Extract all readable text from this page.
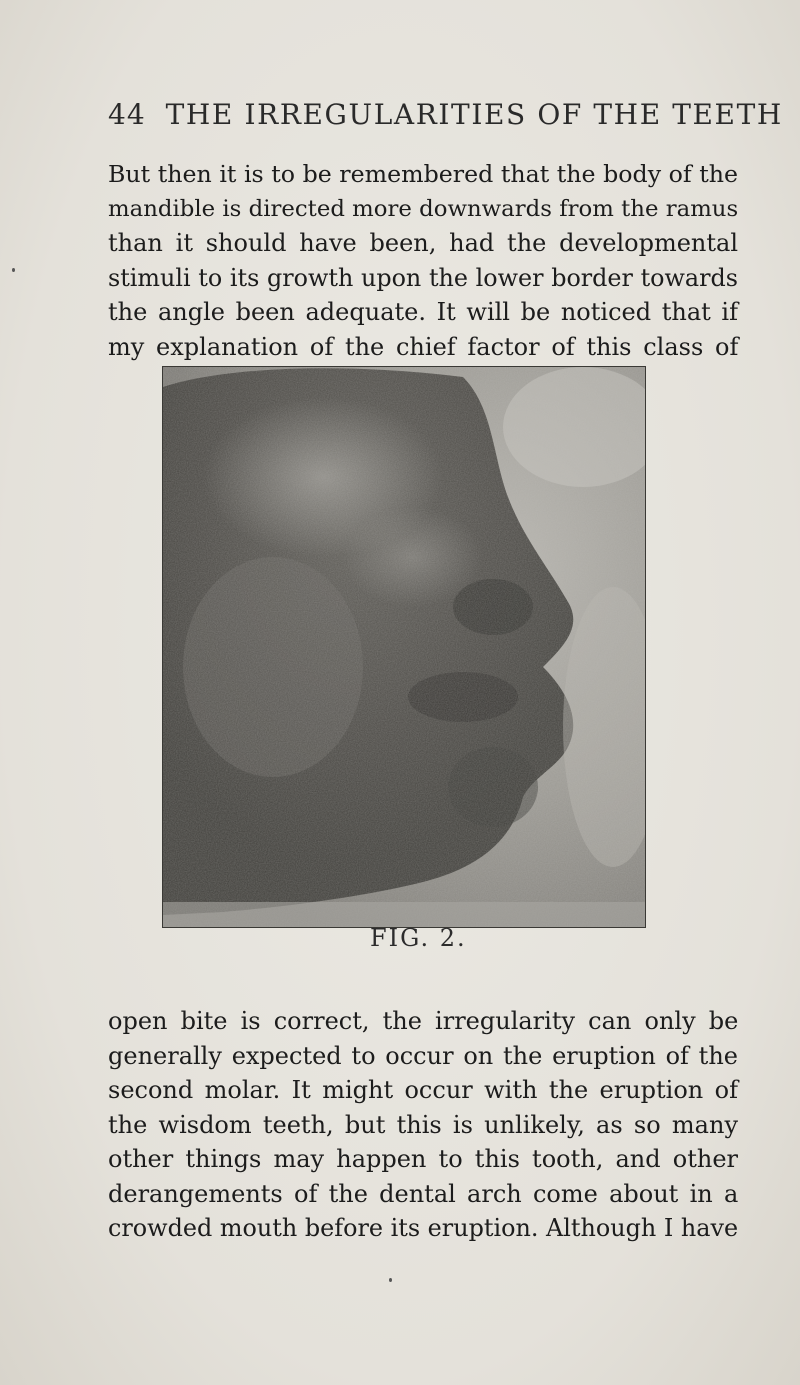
44 THE IRREGULARITIES OF THE TEETH
But then it is to be remembered that the body of the
mandible is directed more downwards from the ramus
than it should have been, had the developmental
stimuli to its growth upon the lower border towards
the angle been adequate. It will be noticed that if
my explanation of the chief factor of this class of
FIG. 2.
open bite is correct, the irregularity can only be
generally expected to occur on the eruption of the
second molar. It might occur with the eruption of
the wisdom teeth, but this is unlikely, as so many
other things may happen to this tooth, and other
derangements of the dental arch come about in a
crowded mouth before its eruption. Although I have
